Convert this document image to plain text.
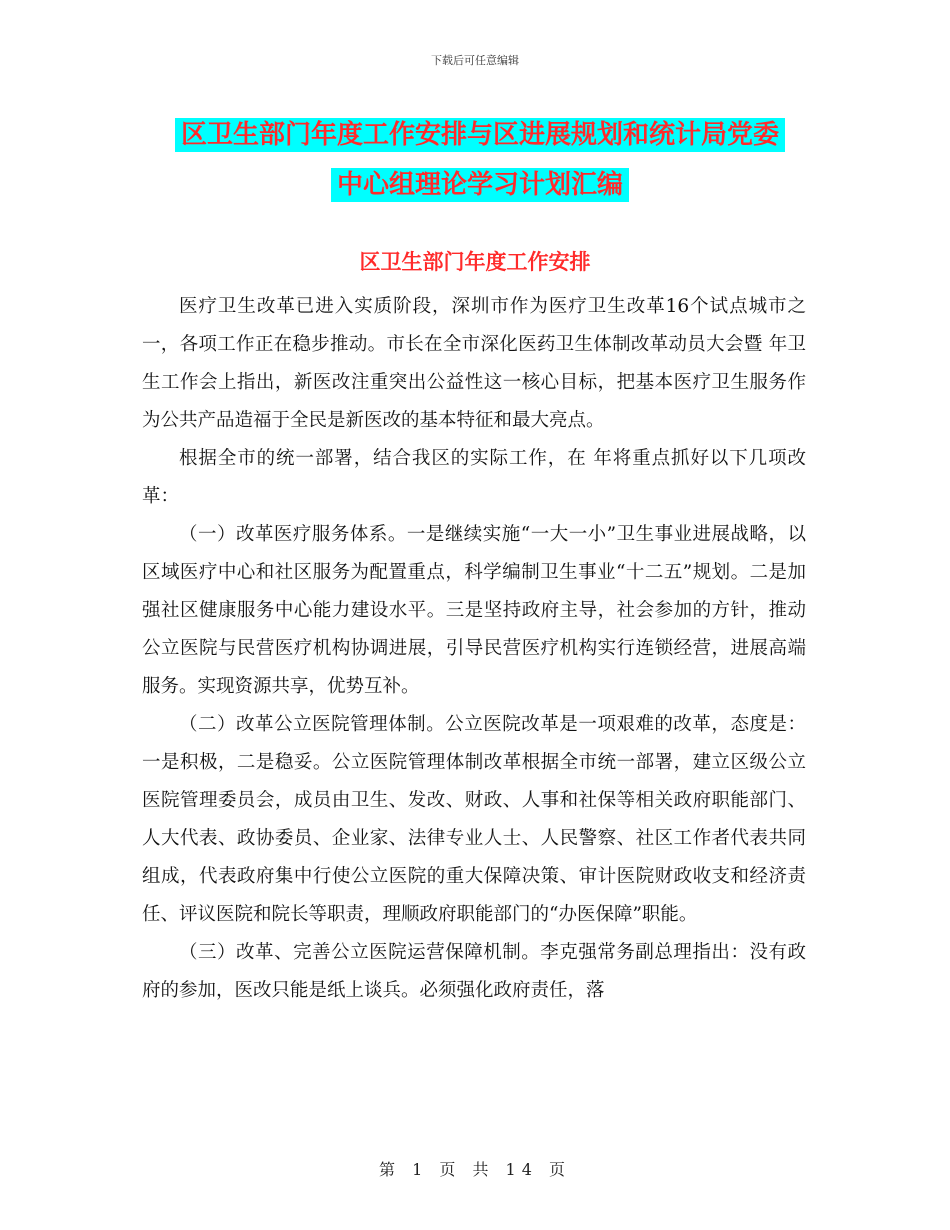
下载后可任意编辑
区卫生部门年度工作安排与区进展规划和统计局党委
中心组理论学习计划汇编
区卫生部门年度工作安排

医疗卫生改革已进入实质阶段，深圳市作为医疗卫生改革16个试点城市之一，各项工作正在稳步推动。市长在全市深化医药卫生体制改革动员大会暨 年卫生工作会上指出，新医改注重突出公益性这一核心目标，把基本医疗卫生服务作为公共产品造福于全民是新医改的基本特征和最大亮点。

根据全市的统一部署，结合我区的实际工作，在 年将重点抓好以下几项改革：

（一）改革医疗服务体系。一是继续实施“一大一小”卫生事业进展战略，以区域医疗中心和社区服务为配置重点，科学编制卫生事业“十二五”规划。二是加强社区健康服务中心能力建设水平。三是坚持政府主导，社会参加的方针，推动公立医院与民营医疗机构协调进展，引导民营医疗机构实行连锁经营，进展高端服务。实现资源共享，优势互补。

（二）改革公立医院管理体制。公立医院改革是一项艰难的改革，态度是：一是积极，二是稳妥。公立医院管理体制改革根据全市统一部署，建立区级公立医院管理委员会，成员由卫生、发改、财政、人事和社保等相关政府职能部门、人大代表、政协委员、企业家、法律专业人士、人民警察、社区工作者代表共同组成，代表政府集中行使公立医院的重大保障决策、审计医院财政收支和经济责任、评议医院和院长等职责，理顺政府职能部门的“办医保障”职能。

（三）改革、完善公立医院运营保障机制。李克强常务副总理指出：没有政府的参加，医改只能是纸上谈兵。必须强化政府责任，落

第 1 页 共 14 页
